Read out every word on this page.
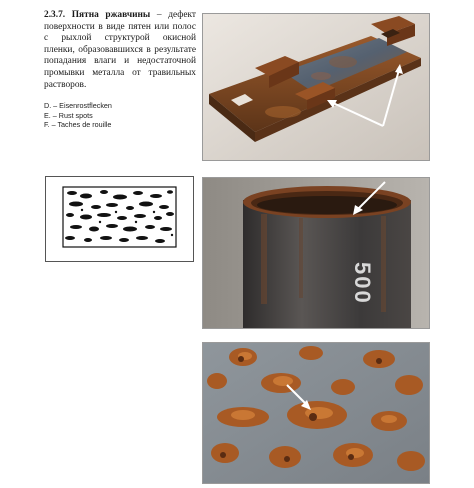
2.3.7. Пятна ржавчины – дефект поверхности в виде пятен или полос с рыхлой структурой окисной пленки, образовавшихся в результате попадания влаги и недостаточной промывки металла от травильных растворов.

D. – Eisenrostflecken
E. – Rust spots
F. – Taches de rouille
500
